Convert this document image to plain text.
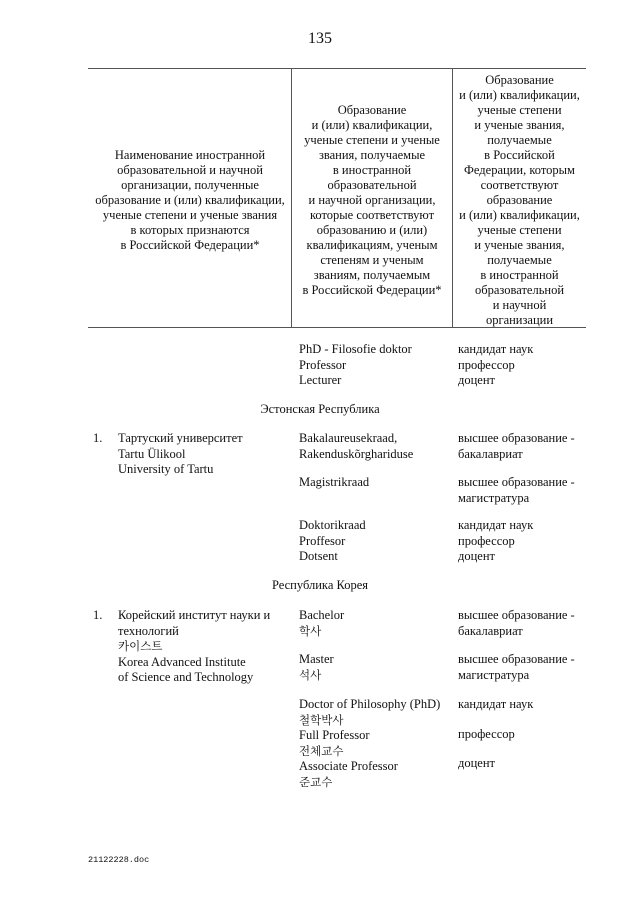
135
Наименование иностранной
образовательной и научной
организации, полученные
образование и (или) квалификации,
ученые степени и ученые звания
в которых признаются
в Российской Федерации*
Образование
и (или) квалификации,
ученые степени и ученые
звания, получаемые
в иностранной
образовательной
и научной организации,
которые соответствуют
образованию и (или)
квалификациям, ученым
степеням и ученым
званиям, получаемым
в Российской Федерации*
Образование
и (или) квалификации,
ученые степени
и ученые звания,
получаемые
в Российской
Федерации, которым
соответствуют
образование
и (или) квалификации,
ученые степени
и ученые звания,
получаемые
в иностранной
образовательной
и научной
организации
PhD - Filosofie doktor
Professor
Lecturer
кандидат наук
профессор
доцент
Эстонская Республика
1. Тартуский университет
Tartu Ülikool
University of Tartu
Bakalaureusekraad,
Rakenduskõrghariduse
высшее образование -
бакалавриат
Magistrikraad	высшее образование -
магистратура
Doktorikraad
Proffesor
Dotsent
кандидат наук
профессор
доцент
Республика Корея
1. Корейский институт науки и
технологий
카이스트
Korea Advanced Institute
of Science and Technology
Bachelor
학사
высшее образование -
бакалавриат
Master
석사
высшее образование -
магистратура
Doctor of Philosophy (PhD)
철학박사
кандидат наук
Full Professor
전체교수
профессор
Associate Professor
준교수
доцент
21122228.doc
